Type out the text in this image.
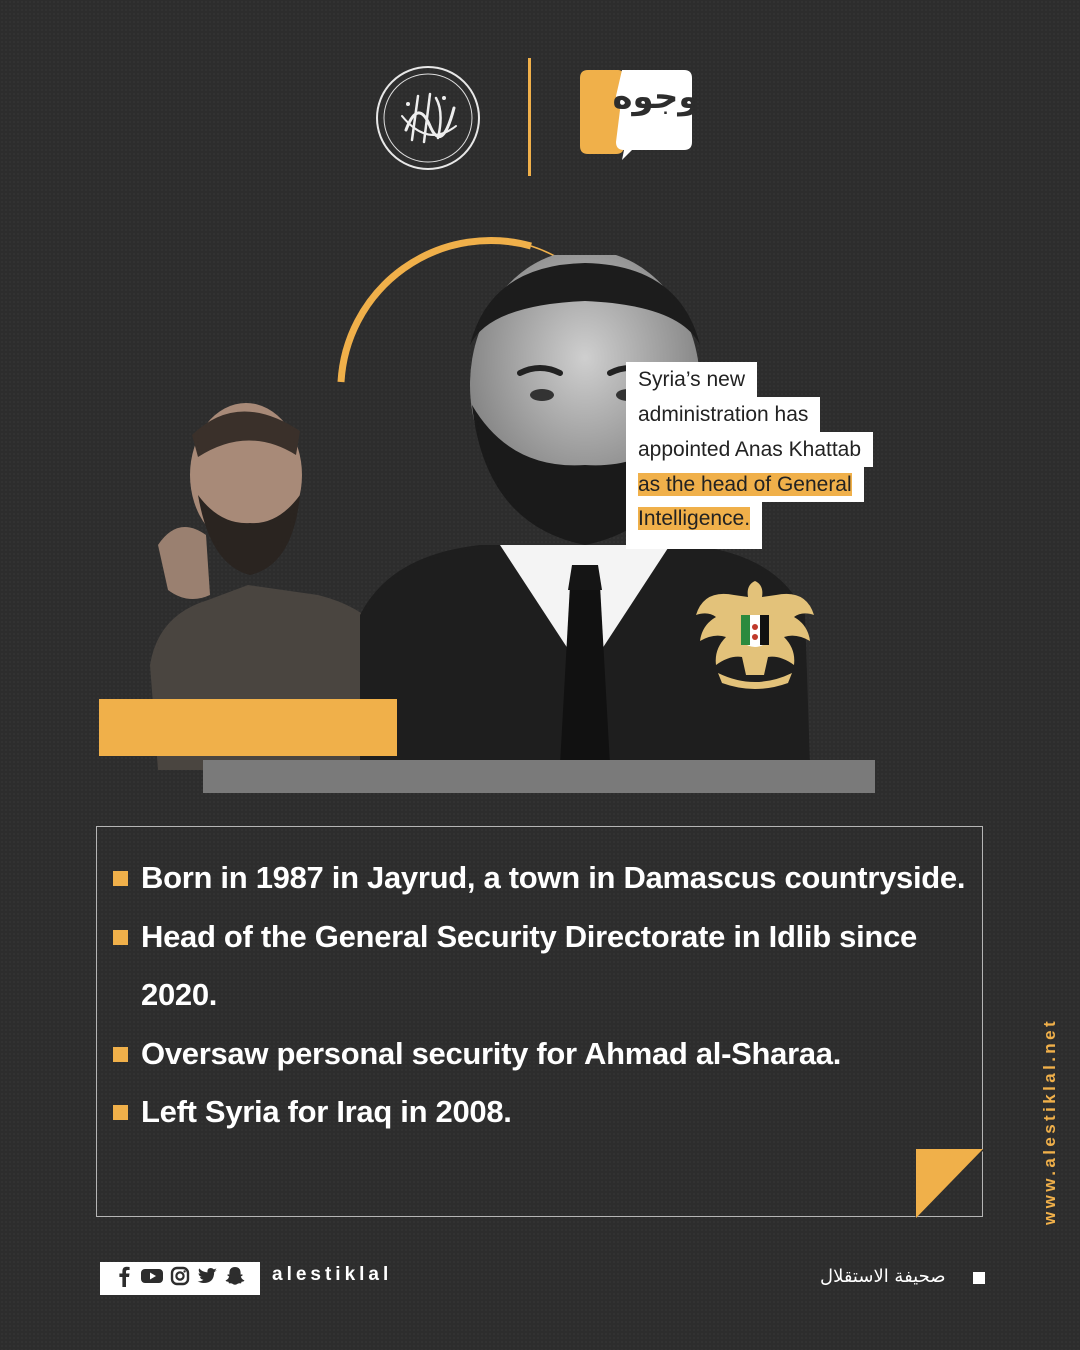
وجوه
Syria’s new
administration has
appointed Anas Khattab
as the head of General
Intelligence.
Born in 1987 in Jayrud, a town in Damascus countryside.
Head of the General Security Directorate in Idlib since 2020.
Oversaw personal security for Ahmad al-Sharaa.
Left Syria for Iraq in 2008.	www.alestiklal.net
alestiklal	صحيفة الاستقلال
